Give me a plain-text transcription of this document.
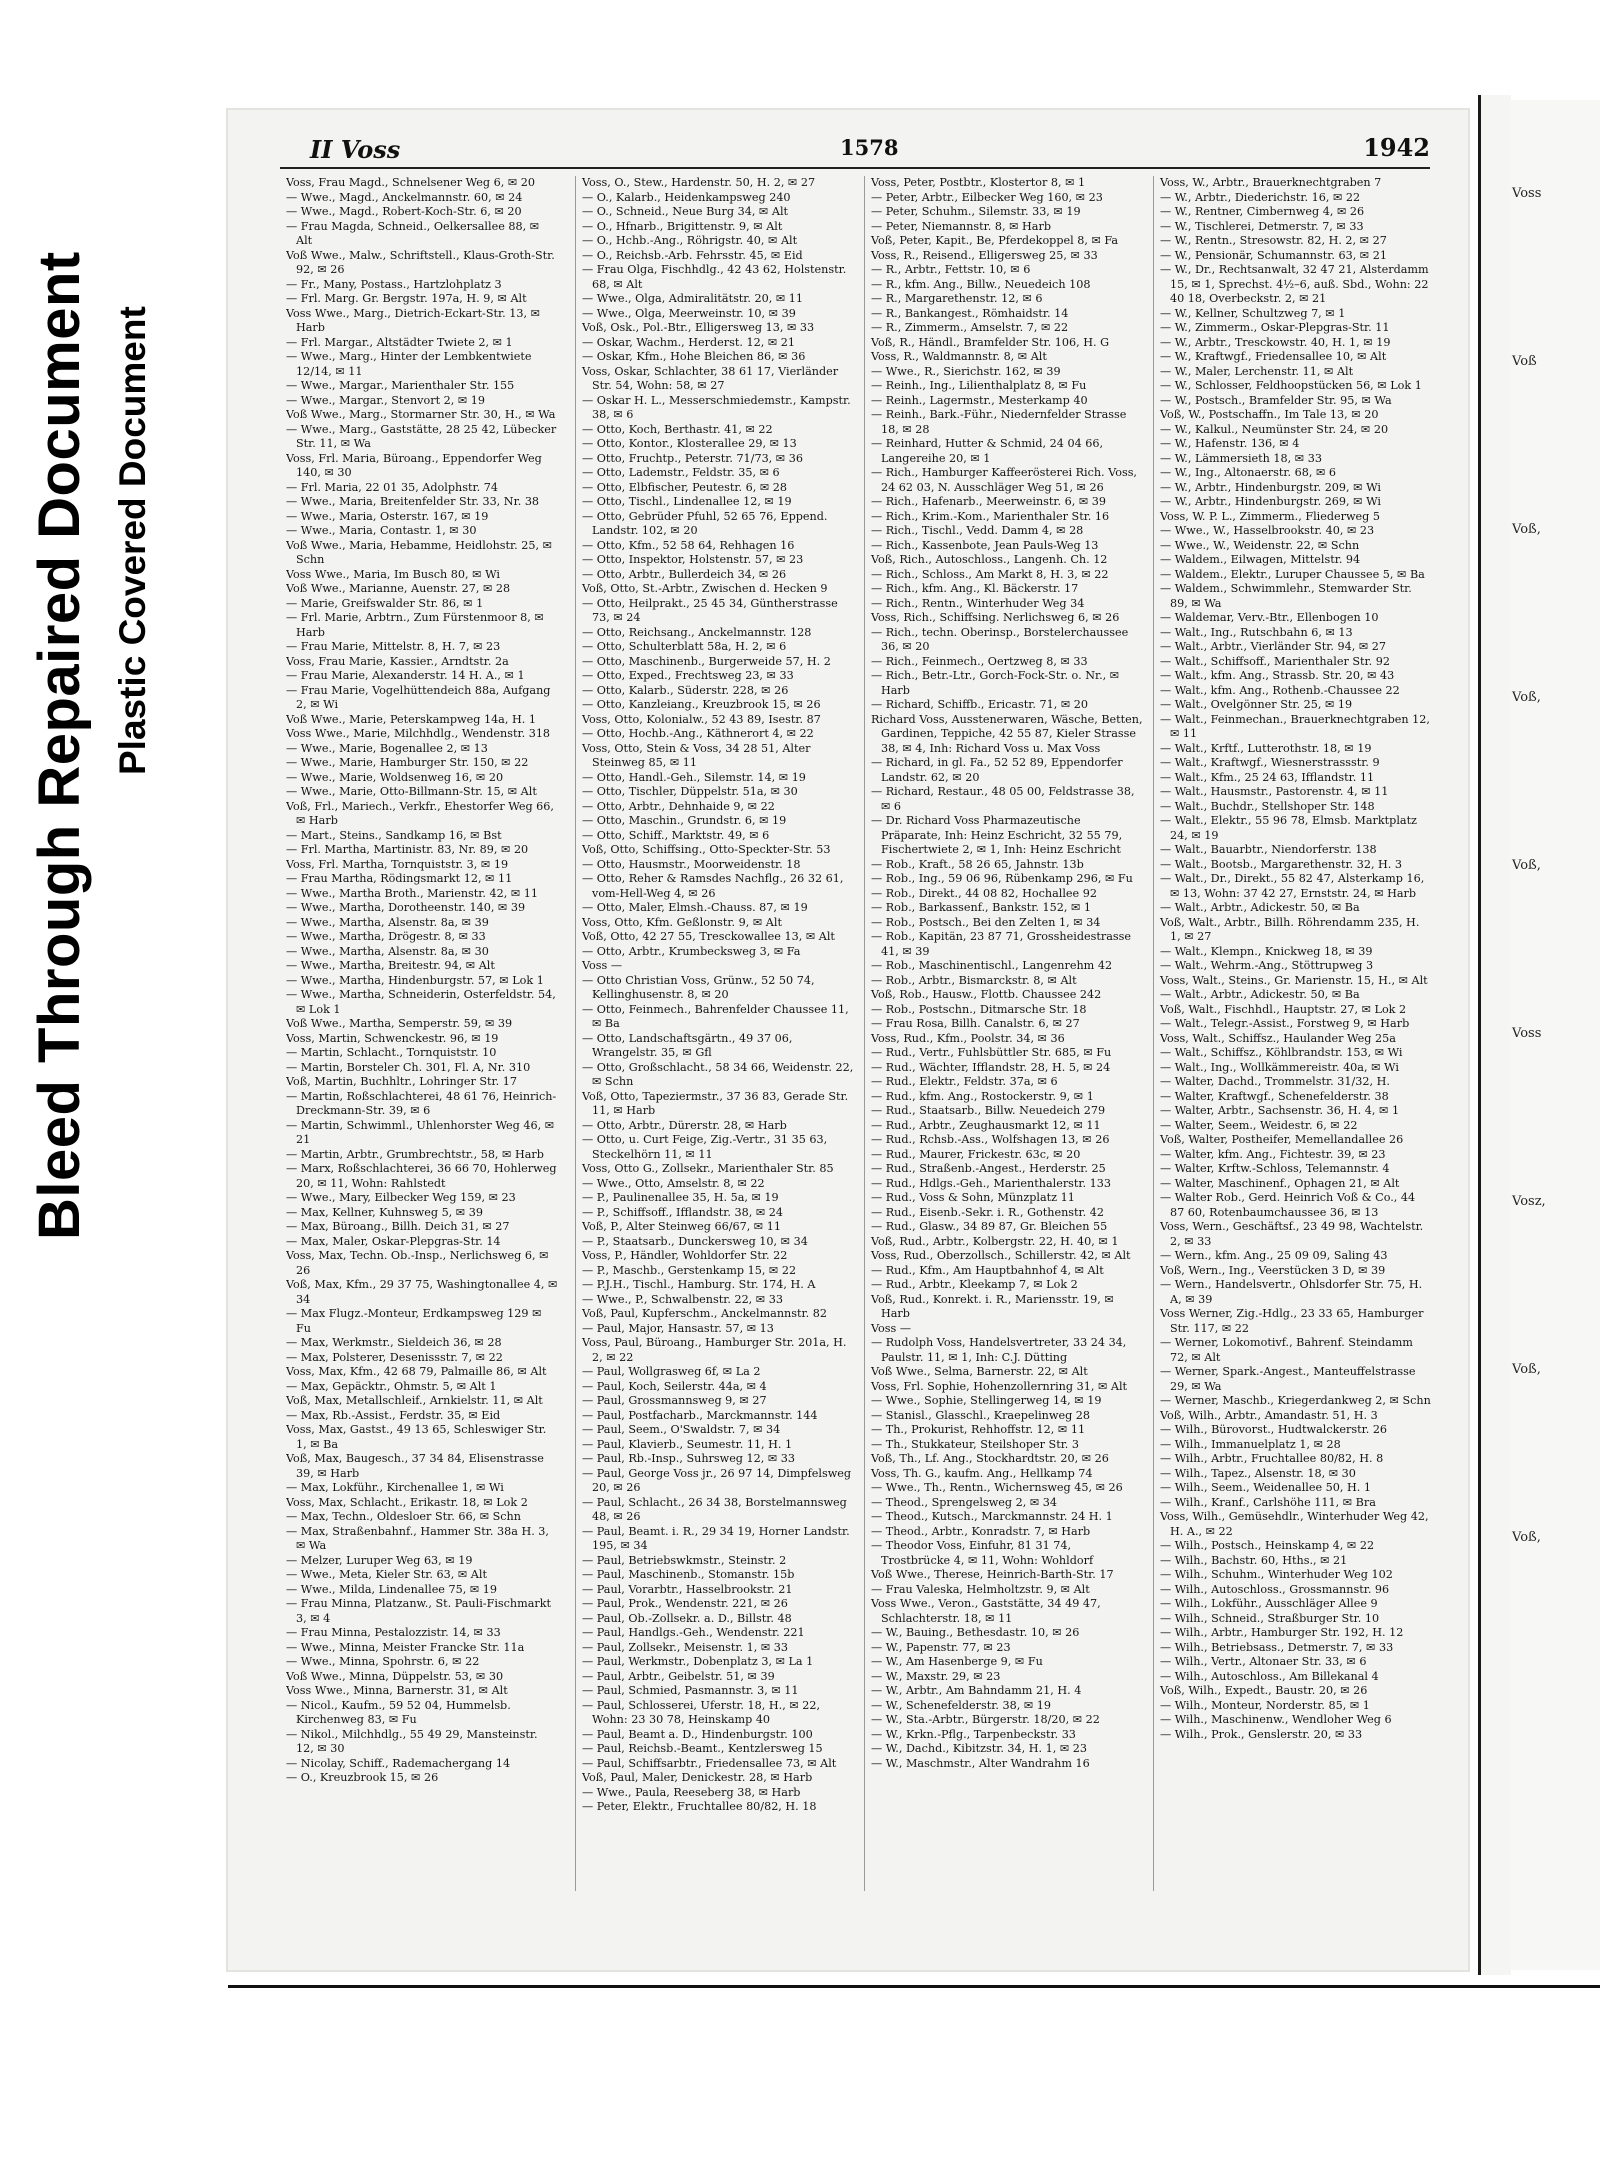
Bleed Through Repaired Document Plastic Covered Document
Voss
Voß
Voß,
Voß,
Voß,
Voss
Vosz,
Voß,
Voß,
II Voss	1578	1942

Voss, Frau Magd., Schnelsener Weg 6, ✉ 20

— Wwe., Magd., Anckelmannstr. 60, ✉ 24

— Wwe., Magd., Robert-Koch-Str. 6, ✉ 20

— Frau Magda, Schneid., Oelkersallee 88, ✉ Alt

Voß Wwe., Malw., Schriftstell., Klaus-Groth-Str. 92, ✉ 26

— Fr., Many, Postass., Hartzlohplatz 3

— Frl. Marg. Gr. Bergstr. 197a, H. 9, ✉ Alt

Voss Wwe., Marg., Dietrich-Eckart-Str. 13, ✉ Harb

— Frl. Margar., Altstädter Twiete 2, ✉ 1

— Wwe., Marg., Hinter der Lembkentwiete 12/14, ✉ 11

— Wwe., Margar., Marienthaler Str. 155

— Wwe., Margar., Stenvort 2, ✉ 19

Voß Wwe., Marg., Stormarner Str. 30, H., ✉ Wa

— Wwe., Marg., Gaststätte, 28 25 42, Lübecker Str. 11, ✉ Wa

Voss, Frl. Maria, Büroang., Eppendorfer Weg 140, ✉ 30

— Frl. Maria, 22 01 35, Adolphstr. 74

— Wwe., Maria, Breitenfelder Str. 33, Nr. 38

— Wwe., Maria, Osterstr. 167, ✉ 19

— Wwe., Maria, Contastr. 1, ✉ 30

Voß Wwe., Maria, Hebamme, Heidlohstr. 25, ✉ Schn

Voss Wwe., Maria, Im Busch 80, ✉ Wi

Voß Wwe., Marianne, Auenstr. 27, ✉ 28

— Marie, Greifswalder Str. 86, ✉ 1

— Frl. Marie, Arbtrn., Zum Fürstenmoor 8, ✉ Harb

— Frau Marie, Mittelstr. 8, H. 7, ✉ 23

Voss, Frau Marie, Kassier., Arndtstr. 2a

— Frau Marie, Alexanderstr. 14 H. A., ✉ 1

— Frau Marie, Vogelhüttendeich 88a, Aufgang 2, ✉ Wi

Voß Wwe., Marie, Peterskampweg 14a, H. 1

Voss Wwe., Marie, Milchhdlg., Wendenstr. 318

— Wwe., Marie, Bogenallee 2, ✉ 13

— Wwe., Marie, Hamburger Str. 150, ✉ 22

— Wwe., Marie, Woldsenweg 16, ✉ 20

— Wwe., Marie, Otto-Billmann-Str. 15, ✉ Alt

Voß, Frl., Mariech., Verkfr., Ehestorfer Weg 66, ✉ Harb

— Mart., Steins., Sandkamp 16, ✉ Bst

— Frl. Martha, Martinistr. 83, Nr. 89, ✉ 20

Voss, Frl. Martha, Tornquiststr. 3, ✉ 19

— Frau Martha, Rödingsmarkt 12, ✉ 11

— Wwe., Martha Broth., Marienstr. 42, ✉ 11

— Wwe., Martha, Dorotheenstr. 140, ✉ 39

— Wwe., Martha, Alsenstr. 8a, ✉ 39

— Wwe., Martha, Drögestr. 8, ✉ 33

— Wwe., Martha, Alsenstr. 8a, ✉ 30

— Wwe., Martha, Breitestr. 94, ✉ Alt

— Wwe., Martha, Hindenburgstr. 57, ✉ Lok 1

— Wwe., Martha, Schneiderin, Osterfeldstr. 54, ✉ Lok 1

Voß Wwe., Martha, Semperstr. 59, ✉ 39

Voss, Martin, Schwenckestr. 96, ✉ 19

— Martin, Schlacht., Tornquiststr. 10

— Martin, Borsteler Ch. 301, Fl. A, Nr. 310

Voß, Martin, Buchhltr., Lohringer Str. 17

— Martin, Roßschlachterei, 48 61 76, Heinrich-Dreckmann-Str. 39, ✉ 6

— Martin, Schwimml., Uhlenhorster Weg 46, ✉ 21

— Martin, Arbtr., Grumbrechtstr., 58, ✉ Harb

— Marx, Roßschlachterei, 36 66 70, Hohlerweg 20, ✉ 11, Wohn: Rahlstedt

— Wwe., Mary, Eilbecker Weg 159, ✉ 23

— Max, Kellner, Kuhnsweg 5, ✉ 39

— Max, Büroang., Billh. Deich 31, ✉ 27

— Max, Maler, Oskar-Plepgras-Str. 14

Voss, Max, Techn. Ob.-Insp., Nerlichsweg 6, ✉ 26

Voß, Max, Kfm., 29 37 75, Washingtonallee 4, ✉ 34

— Max Flugz.-Monteur, Erdkampsweg 129 ✉ Fu

— Max, Werkmstr., Sieldeich 36, ✉ 28

— Max, Polsterer, Desenissstr. 7, ✉ 22

Voss, Max, Kfm., 42 68 79, Palmaille 86, ✉ Alt

— Max, Gepäcktr., Ohmstr. 5, ✉ Alt 1

Voß, Max, Metallschleif., Arnkielstr. 11, ✉ Alt

— Max, Rb.-Assist., Ferdstr. 35, ✉ Eid

Voss, Max, Gastst., 49 13 65, Schleswiger Str. 1, ✉ Ba

Voß, Max, Baugesch., 37 34 84, Elisenstrasse 39, ✉ Harb

— Max, Lokführ., Kirchenallee 1, ✉ Wi

Voss, Max, Schlacht., Erikastr. 18, ✉ Lok 2

— Max, Techn., Oldesloer Str. 66, ✉ Schn

— Max, Straßenbahnf., Hammer Str. 38a H. 3, ✉ Wa

— Melzer, Luruper Weg 63, ✉ 19

— Wwe., Meta, Kieler Str. 63, ✉ Alt

— Wwe., Milda, Lindenallee 75, ✉ 19

— Frau Minna, Platzanw., St. Pauli-Fischmarkt 3, ✉ 4

— Frau Minna, Pestalozzistr. 14, ✉ 33

— Wwe., Minna, Meister Francke Str. 11a

— Wwe., Minna, Spohrstr. 6, ✉ 22

Voß Wwe., Minna, Düppelstr. 53, ✉ 30

Voss Wwe., Minna, Barnerstr. 31, ✉ Alt

— Nicol., Kaufm., 59 52 04, Hummelsb. Kirchenweg 83, ✉ Fu

— Nikol., Milchhdlg., 55 49 29, Mansteinstr. 12, ✉ 30

— Nicolay, Schiff., Rademachergang 14

— O., Kreuzbrook 15, ✉ 26

Voss, O., Stew., Hardenstr. 50, H. 2, ✉ 27

— O., Kalarb., Heidenkampsweg 240

— O., Schneid., Neue Burg 34, ✉ Alt

— O., Hfnarb., Brigittenstr. 9, ✉ Alt

— O., Hchb.-Ang., Röhrigstr. 40, ✉ Alt

— O., Reichsb.-Arb. Fehrsstr. 45, ✉ Eid

— Frau Olga, Fischhdlg., 42 43 62, Holstenstr. 68, ✉ Alt

— Wwe., Olga, Admiralitätstr. 20, ✉ 11

— Wwe., Olga, Meerweinstr. 10, ✉ 39

Voß, Osk., Pol.-Btr., Elligersweg 13, ✉ 33

— Oskar, Wachm., Herderst. 12, ✉ 21

— Oskar, Kfm., Hohe Bleichen 86, ✉ 36

Voss, Oskar, Schlachter, 38 61 17, Vierländer Str. 54, Wohn: 58, ✉ 27

— Oskar H. L., Messerschmiedemstr., Kampstr. 38, ✉ 6

— Otto, Koch, Berthastr. 41, ✉ 22

— Otto, Kontor., Klosterallee 29, ✉ 13

— Otto, Fruchtp., Peterstr. 71/73, ✉ 36

— Otto, Lademstr., Feldstr. 35, ✉ 6

— Otto, Elbfischer, Peutestr. 6, ✉ 28

— Otto, Tischl., Lindenallee 12, ✉ 19

— Otto, Gebrüder Pfuhl, 52 65 76, Eppend. Landstr. 102, ✉ 20

— Otto, Kfm., 52 58 64, Rehhagen 16

— Otto, Inspektor, Holstenstr. 57, ✉ 23

— Otto, Arbtr., Bullerdeich 34, ✉ 26

Voß, Otto, St.-Arbtr., Zwischen d. Hecken 9

— Otto, Heilprakt., 25 45 34, Güntherstrasse 73, ✉ 24

— Otto, Reichsang., Anckelmannstr. 128

— Otto, Schulterblatt 58a, H. 2, ✉ 6

— Otto, Maschinenb., Burgerweide 57, H. 2

— Otto, Exped., Frechtsweg 23, ✉ 33

— Otto, Kalarb., Süderstr. 228, ✉ 26

— Otto, Kanzleiang., Kreuzbrook 15, ✉ 26

Voss, Otto, Kolonialw., 52 43 89, Isestr. 87

— Otto, Hochb.-Ang., Käthnerort 4, ✉ 22

Voss, Otto, Stein & Voss, 34 28 51, Alter Steinweg 85, ✉ 11

— Otto, Handl.-Geh., Silemstr. 14, ✉ 19

— Otto, Tischler, Düppelstr. 51a, ✉ 30

— Otto, Arbtr., Dehnhaide 9, ✉ 22

— Otto, Maschin., Grundstr. 6, ✉ 19

— Otto, Schiff., Marktstr. 49, ✉ 6

Voß, Otto, Schiffsing., Otto-Speckter-Str. 53

— Otto, Hausmstr., Moorweidenstr. 18

— Otto, Reher & Ramsdes Nachflg., 26 32 61, vom-Hell-Weg 4, ✉ 26

— Otto, Maler, Elmsh.-Chauss. 87, ✉ 19

Voss, Otto, Kfm. Geßlonstr. 9, ✉ Alt

Voß, Otto, 42 27 55, Tresckowallee 13, ✉ Alt

— Otto, Arbtr., Krumbecksweg 3, ✉ Fa

Voss —

— Otto Christian Voss, Grünw., 52 50 74, Kellinghusenstr. 8, ✉ 20

— Otto, Feinmech., Bahrenfelder Chaussee 11, ✉ Ba

— Otto, Landschaftsgärtn., 49 37 06, Wrangelstr. 35, ✉ Gfl

— Otto, Großschlacht., 58 34 66, Weidenstr. 22, ✉ Schn

Voß, Otto, Tapeziermstr., 37 36 83, Gerade Str. 11, ✉ Harb

— Otto, Arbtr., Dürerstr. 28, ✉ Harb

— Otto, u. Curt Feige, Zig.-Vertr., 31 35 63, Steckelhörn 11, ✉ 11

Voss, Otto G., Zollsekr., Marienthaler Str. 85

— Wwe., Otto, Amselstr. 8, ✉ 22

— P., Paulinenallee 35, H. 5a, ✉ 19

— P., Schiffsoff., Ifflandstr. 38, ✉ 24

Voß, P., Alter Steinweg 66/67, ✉ 11

— P., Staatsarb., Dunckersweg 10, ✉ 34

Voss, P., Händler, Wohldorfer Str. 22

— P., Maschb., Gerstenkamp 15, ✉ 22

— P.J.H., Tischl., Hamburg. Str. 174, H. A

— Wwe., P., Schwalbenstr. 22, ✉ 33

Voß, Paul, Kupferschm., Anckelmannstr. 82

— Paul, Major, Hansastr. 57, ✉ 13

Voss, Paul, Büroang., Hamburger Str. 201a, H. 2, ✉ 22

— Paul, Wollgrasweg 6f, ✉ La 2

— Paul, Koch, Seilerstr. 44a, ✉ 4

— Paul, Grossmannsweg 9, ✉ 27

— Paul, Postfacharb., Marckmannstr. 144

— Paul, Seem., O'Swaldstr. 7, ✉ 34

— Paul, Klavierb., Seumestr. 11, H. 1

— Paul, Rb.-Insp., Suhrsweg 12, ✉ 33

— Paul, George Voss jr., 26 97 14, Dimpfelsweg 20, ✉ 26

— Paul, Schlacht., 26 34 38, Borstelmannsweg 48, ✉ 26

— Paul, Beamt. i. R., 29 34 19, Horner Landstr. 195, ✉ 34

— Paul, Betriebswkmstr., Steinstr. 2

— Paul, Maschinenb., Stomanstr. 15b

— Paul, Vorarbtr., Hasselbrookstr. 21

— Paul, Prok., Wendenstr. 221, ✉ 26

— Paul, Ob.-Zollsekr. a. D., Billstr. 48

— Paul, Handlgs.-Geh., Wendenstr. 221

— Paul, Zollsekr., Meisenstr. 1, ✉ 33

— Paul, Werkmstr., Dobenplatz 3, ✉ La 1

— Paul, Arbtr., Geibelstr. 51, ✉ 39

— Paul, Schmied, Pasmannstr. 3, ✉ 11

— Paul, Schlosserei, Uferstr. 18, H., ✉ 22, Wohn: 23 30 78, Heinskamp 40

— Paul, Beamt a. D., Hindenburgstr. 100

— Paul, Reichsb.-Beamt., Kentzlersweg 15

— Paul, Schiffsarbtr., Friedensallee 73, ✉ Alt

Voß, Paul, Maler, Denickestr. 28, ✉ Harb

— Wwe., Paula, Reeseberg 38, ✉ Harb

— Peter, Elektr., Fruchtallee 80/82, H. 18

Voss, Peter, Postbtr., Klostertor 8, ✉ 1

— Peter, Arbtr., Eilbecker Weg 160, ✉ 23

— Peter, Schuhm., Silemstr. 33, ✉ 19

— Peter, Niemannstr. 8, ✉ Harb

Voß, Peter, Kapit., Be, Pferdekoppel 8, ✉ Fa

Voss, R., Reisend., Elligersweg 25, ✉ 33

— R., Arbtr., Fettstr. 10, ✉ 6

— R., kfm. Ang., Billw., Neuedeich 108

— R., Margarethenstr. 12, ✉ 6

— R., Bankangest., Römhaidstr. 14

— R., Zimmerm., Amselstr. 7, ✉ 22

Voß, R., Händl., Bramfelder Str. 106, H. G

Voss, R., Waldmannstr. 8, ✉ Alt

— Wwe., R., Sierichstr. 162, ✉ 39

— Reinh., Ing., Lilienthalplatz 8, ✉ Fu

— Reinh., Lagermstr., Mesterkamp 40

— Reinh., Bark.-Führ., Niedernfelder Strasse 18, ✉ 28

— Reinhard, Hutter & Schmid, 24 04 66, Langereihe 20, ✉ 1

— Rich., Hamburger Kaffeerösterei Rich. Voss, 24 62 03, N. Ausschläger Weg 51, ✉ 26

— Rich., Hafenarb., Meerweinstr. 6, ✉ 39

— Rich., Krim.-Kom., Marienthaler Str. 16

— Rich., Tischl., Vedd. Damm 4, ✉ 28

— Rich., Kassenbote, Jean Pauls-Weg 13

Voß, Rich., Autoschloss., Langenh. Ch. 12

— Rich., Schloss., Am Markt 8, H. 3, ✉ 22

— Rich., kfm. Ang., Kl. Bäckerstr. 17

— Rich., Rentn., Winterhuder Weg 34

Voss, Rich., Schiffsing. Nerlichsweg 6, ✉ 26

— Rich., techn. Oberinsp., Borstelerchaussee 36, ✉ 20

— Rich., Feinmech., Oertzweg 8, ✉ 33

— Rich., Betr.-Ltr., Gorch-Fock-Str. o. Nr., ✉ Harb

— Richard, Schiffb., Ericastr. 71, ✉ 20

Richard Voss, Ausstenerwaren, Wäsche, Betten, Gardinen, Teppiche, 42 55 87, Kieler Strasse 38, ✉ 4, Inh: Richard Voss u. Max Voss

— Richard, in gl. Fa., 52 52 89, Eppendorfer Landstr. 62, ✉ 20

— Richard, Restaur., 48 05 00, Feldstrasse 38, ✉ 6

— Dr. Richard Voss Pharmazeutische Präparate, Inh: Heinz Eschricht, 32 55 79, Fischertwiete 2, ✉ 1, Inh: Heinz Eschricht

— Rob., Kraft., 58 26 65, Jahnstr. 13b

— Rob., Ing., 59 06 96, Rübenkamp 296, ✉ Fu

— Rob., Direkt., 44 08 82, Hochallee 92

— Rob., Barkassenf., Bankstr. 152, ✉ 1

— Rob., Postsch., Bei den Zelten 1, ✉ 34

— Rob., Kapitän, 23 87 71, Grossheidestrasse 41, ✉ 39

— Rob., Maschinentischl., Langenrehm 42

— Rob., Arbtr., Bismarckstr. 8, ✉ Alt

Voß, Rob., Hausw., Flottb. Chaussee 242

— Rob., Postschn., Ditmarsche Str. 18

— Frau Rosa, Billh. Canalstr. 6, ✉ 27

Voss, Rud., Kfm., Poolstr. 34, ✉ 36

— Rud., Vertr., Fuhlsbüttler Str. 685, ✉ Fu

— Rud., Wächter, Ifflandstr. 28, H. 5, ✉ 24

— Rud., Elektr., Feldstr. 37a, ✉ 6

— Rud., kfm. Ang., Rostockerstr. 9, ✉ 1

— Rud., Staatsarb., Billw. Neuedeich 279

— Rud., Arbtr., Zeughausmarkt 12, ✉ 11

— Rud., Rchsb.-Ass., Wolfshagen 13, ✉ 26

— Rud., Maurer, Frickestr. 63c, ✉ 20

— Rud., Straßenb.-Angest., Herderstr. 25

— Rud., Hdlgs.-Geh., Marienthalerstr. 133

— Rud., Voss & Sohn, Münzplatz 11

— Rud., Eisenb.-Sekr. i. R., Gothenstr. 42

— Rud., Glasw., 34 89 87, Gr. Bleichen 55

Voß, Rud., Arbtr., Kolbergstr. 22, H. 40, ✉ 1

Voss, Rud., Oberzollsch., Schillerstr. 42, ✉ Alt

— Rud., Kfm., Am Hauptbahnhof 4, ✉ Alt

— Rud., Arbtr., Kleekamp 7, ✉ Lok 2

Voß, Rud., Konrekt. i. R., Mariensstr. 19, ✉ Harb

Voss —

— Rudolph Voss, Handelsvertreter, 33 24 34, Paulstr. 11, ✉ 1, Inh: C.J. Dütting

Voß Wwe., Selma, Barnerstr. 22, ✉ Alt

Voss, Frl. Sophie, Hohenzollernring 31, ✉ Alt

— Wwe., Sophie, Stellingerweg 14, ✉ 19

— Stanisl., Glasschl., Kraepelinweg 28

— Th., Prokurist, Rehhoffstr. 12, ✉ 11

— Th., Stukkateur, Steilshoper Str. 3

Voß, Th., Lf. Ang., Stockhardtstr. 20, ✉ 26

Voss, Th. G., kaufm. Ang., Hellkamp 74

— Wwe., Th., Rentn., Wichernsweg 45, ✉ 26

— Theod., Sprengelsweg 2, ✉ 34

— Theod., Kutsch., Marckmannstr. 24 H. 1

— Theod., Arbtr., Konradstr. 7, ✉ Harb

— Theodor Voss, Einfuhr, 81 31 74, Trostbrücke 4, ✉ 11, Wohn: Wohldorf

Voß Wwe., Therese, Heinrich-Barth-Str. 17

— Frau Valeska, Helmholtzstr. 9, ✉ Alt

Voss Wwe., Veron., Gaststätte, 34 49 47, Schlachterstr. 18, ✉ 11

— W., Bauing., Bethesdastr. 10, ✉ 26

— W., Papenstr. 77, ✉ 23

— W., Am Hasenberge 9, ✉ Fu

— W., Maxstr. 29, ✉ 23

— W., Arbtr., Am Bahndamm 21, H. 4

— W., Schenefelderstr. 38, ✉ 19

— W., Sta.-Arbtr., Bürgerstr. 18/20, ✉ 22

— W., Krkn.-Pflg., Tarpenbeckstr. 33

— W., Dachd., Kibitzstr. 34, H. 1, ✉ 23

— W., Maschmstr., Alter Wandrahm 16

Voss, W., Arbtr., Brauerknechtgraben 7

— W., Arbtr., Diederichstr. 16, ✉ 22

— W., Rentner, Cimbernweg 4, ✉ 26

— W., Tischlerei, Detmerstr. 7, ✉ 33

— W., Rentn., Stresowstr. 82, H. 2, ✉ 27

— W., Pensionär, Schumannstr. 63, ✉ 21

— W., Dr., Rechtsanwalt, 32 47 21, Alsterdamm 15, ✉ 1, Sprechst. 4½–6, auß. Sbd., Wohn: 22 40 18, Overbeckstr. 2, ✉ 21

— W., Kellner, Schultzweg 7, ✉ 1

— W., Zimmerm., Oskar-Plepgras-Str. 11

— W., Arbtr., Tresckowstr. 40, H. 1, ✉ 19

— W., Kraftwgf., Friedensallee 10, ✉ Alt

— W., Maler, Lerchenstr. 11, ✉ Alt

— W., Schlosser, Feldhoopstücken 56, ✉ Lok 1

— W., Postsch., Bramfelder Str. 95, ✉ Wa

Voß, W., Postschaffn., Im Tale 13, ✉ 20

— W., Kalkul., Neumünster Str. 24, ✉ 20

— W., Hafenstr. 136, ✉ 4

— W., Lämmersieth 18, ✉ 33

— W., Ing., Altonaerstr. 68, ✉ 6

— W., Arbtr., Hindenburgstr. 209, ✉ Wi

— W., Arbtr., Hindenburgstr. 269, ✉ Wi

Voss, W. P. L., Zimmerm., Fliederweg 5

— Wwe., W., Hasselbrookstr. 40, ✉ 23

— Wwe., W., Weidenstr. 22, ✉ Schn

— Waldem., Eilwagen, Mittelstr. 94

— Waldem., Elektr., Luruper Chaussee 5, ✉ Ba

— Waldem., Schwimmlehr., Stemwarder Str. 89, ✉ Wa

— Waldemar, Verv.-Btr., Ellenbogen 10

— Walt., Ing., Rutschbahn 6, ✉ 13

— Walt., Arbtr., Vierländer Str. 94, ✉ 27

— Walt., Schiffsoff., Marienthaler Str. 92

— Walt., kfm. Ang., Strassb. Str. 20, ✉ 43

— Walt., kfm. Ang., Rothenb.-Chaussee 22

— Walt., Ovelgönner Str. 25, ✉ 19

— Walt., Feinmechan., Brauerknechtgraben 12, ✉ 11

— Walt., Krftf., Lutterothstr. 18, ✉ 19

— Walt., Kraftwgf., Wiesnerstrassstr. 9

— Walt., Kfm., 25 24 63, Ifflandstr. 11

— Walt., Hausmstr., Pastorenstr. 4, ✉ 11

— Walt., Buchdr., Stellshoper Str. 148

— Walt., Elektr., 55 96 78, Elmsb. Marktplatz 24, ✉ 19

— Walt., Bauarbtr., Niendorferstr. 138

— Walt., Bootsb., Margarethenstr. 32, H. 3

— Walt., Dr., Direkt., 55 82 47, Alsterkamp 16, ✉ 13, Wohn: 37 42 27, Ernststr. 24, ✉ Harb

— Walt., Arbtr., Adickestr. 50, ✉ Ba

Voß, Walt., Arbtr., Billh. Röhrendamm 235, H. 1, ✉ 27

— Walt., Klempn., Knickweg 18, ✉ 39

— Walt., Wehrm.-Ang., Stöttrupweg 3

Voss, Walt., Steins., Gr. Marienstr. 15, H., ✉ Alt

— Walt., Arbtr., Adickestr. 50, ✉ Ba

Voß, Walt., Fischhdl., Hauptstr. 27, ✉ Lok 2

— Walt., Telegr.-Assist., Forstweg 9, ✉ Harb

Voss, Walt., Schiffsz., Haulander Weg 25a

— Walt., Schiffsz., Köhlbrandstr. 153, ✉ Wi

— Walt., Ing., Wollkämmereistr. 40a, ✉ Wi

— Walter, Dachd., Trommelstr. 31/32, H.

— Walter, Kraftwgf., Schenefelderstr. 38

— Walter, Arbtr., Sachsenstr. 36, H. 4, ✉ 1

— Walter, Seem., Weidestr. 6, ✉ 22

Voß, Walter, Postheifer, Memellandallee 26

— Walter, kfm. Ang., Fichtestr. 39, ✉ 23

— Walter, Krftw.-Schloss, Telemannstr. 4

— Walter, Maschinenf., Ophagen 21, ✉ Alt

— Walter Rob., Gerd. Heinrich Voß & Co., 44 87 60, Rotenbaumchaussee 36, ✉ 13

Voss, Wern., Geschäftsf., 23 49 98, Wachtelstr. 2, ✉ 33

— Wern., kfm. Ang., 25 09 09, Saling 43

Voß, Wern., Ing., Veerstücken 3 D, ✉ 39

— Wern., Handelsvertr., Ohlsdorfer Str. 75, H. A, ✉ 39

Voss Werner, Zig.-Hdlg., 23 33 65, Hamburger Str. 117, ✉ 22

— Werner, Lokomotivf., Bahrenf. Steindamm 72, ✉ Alt

— Werner, Spark.-Angest., Manteuffelstrasse 29, ✉ Wa

— Werner, Maschb., Kriegerdankweg 2, ✉ Schn

Voß, Wilh., Arbtr., Amandastr. 51, H. 3

— Wilh., Bürovorst., Hudtwalckerstr. 26

— Wilh., Immanuelplatz 1, ✉ 28

— Wilh., Arbtr., Fruchtallee 80/82, H. 8

— Wilh., Tapez., Alsenstr. 18, ✉ 30

— Wilh., Seem., Weidenallee 50, H. 1

— Wilh., Kranf., Carlshöhe 111, ✉ Bra

Voss, Wilh., Gemüsehdlr., Winterhuder Weg 42, H. A., ✉ 22

— Wilh., Postsch., Heinskamp 4, ✉ 22

— Wilh., Bachstr. 60, Hths., ✉ 21

— Wilh., Schuhm., Winterhuder Weg 102

— Wilh., Autoschloss., Grossmannstr. 96

— Wilh., Lokführ., Ausschläger Allee 9

— Wilh., Schneid., Straßburger Str. 10

— Wilh., Arbtr., Hamburger Str. 192, H. 12

— Wilh., Betriebsass., Detmerstr. 7, ✉ 33

— Wilh., Vertr., Altonaer Str. 33, ✉ 6

— Wilh., Autoschloss., Am Billekanal 4

Voß, Wilh., Expedt., Baustr. 20, ✉ 26

— Wilh., Monteur, Norderstr. 85, ✉ 1

— Wilh., Maschinenw., Wendloher Weg 6

— Wilh., Prok., Genslerstr. 20, ✉ 33
